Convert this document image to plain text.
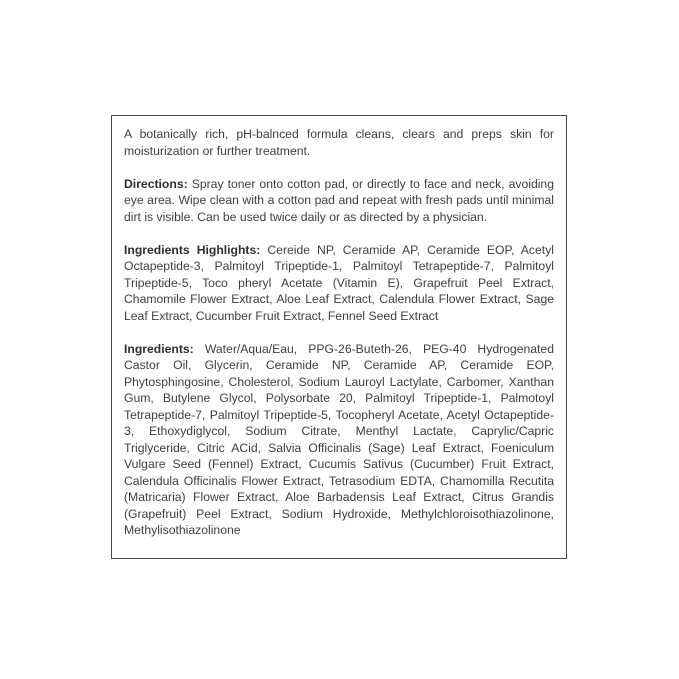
A botanically rich, pH-balnced formula cleans, clears and preps skin for moisturization or further treatment.

Directions: Spray toner onto cotton pad, or directly to face and neck, avoiding eye area. Wipe clean with a cotton pad and repeat with fresh pads until minimal dirt is visible. Can be used twice daily or as directed by a physician.

Ingredients Highlights: Cereide NP, Ceramide AP, Ceramide EOP, Acetyl Octapeptide-3, Palmitoyl Tripeptide-1, Palmitoyl Tetrapeptide-7, Palmitoyl Tripeptide-5, Toco pheryl Acetate (Vitamin E), Grapefruit Peel Extract, Chamomile Flower Extract, Aloe Leaf Extract, Calendula Flower Extract, Sage Leaf Extract, Cucumber Fruit Extract, Fennel Seed Extract

Ingredients: Water/Aqua/Eau, PPG-26-Buteth-26, PEG-40 Hydrogenated Castor Oil, Glycerin, Ceramide NP, Ceramide AP, Ceramide EOP, Phytosphingosine, Cholesterol, Sodium Lauroyl Lactylate, Carbomer, Xanthan Gum, Butylene Glycol, Polysorbate 20, Palmitoyl Tripeptide-1, Palmotoyl Tetrapeptide-7, Palmitoyl Tripeptide-5, Tocopheryl Acetate, Acetyl Octapeptide-3, Ethoxydiglycol, Sodium Citrate, Menthyl Lactate, Caprylic/Capric Triglyceride, Citric ACid, Salvia Officinalis (Sage) Leaf Extract, Foeniculum Vulgare Seed (Fennel) Extract, Cucumis Sativus (Cucumber) Fruit Extract, Calendula Officinalis Flower Extract, Tetrasodium EDTA, Chamomilla Recutita (Matricaria) Flower Extract, Aloe Barbadensis Leaf Extract, Citrus Grandis (Grapefruit) Peel Extract, Sodium Hydroxide, Methylchloroisothiazolinone, Methylisothiazolinone
